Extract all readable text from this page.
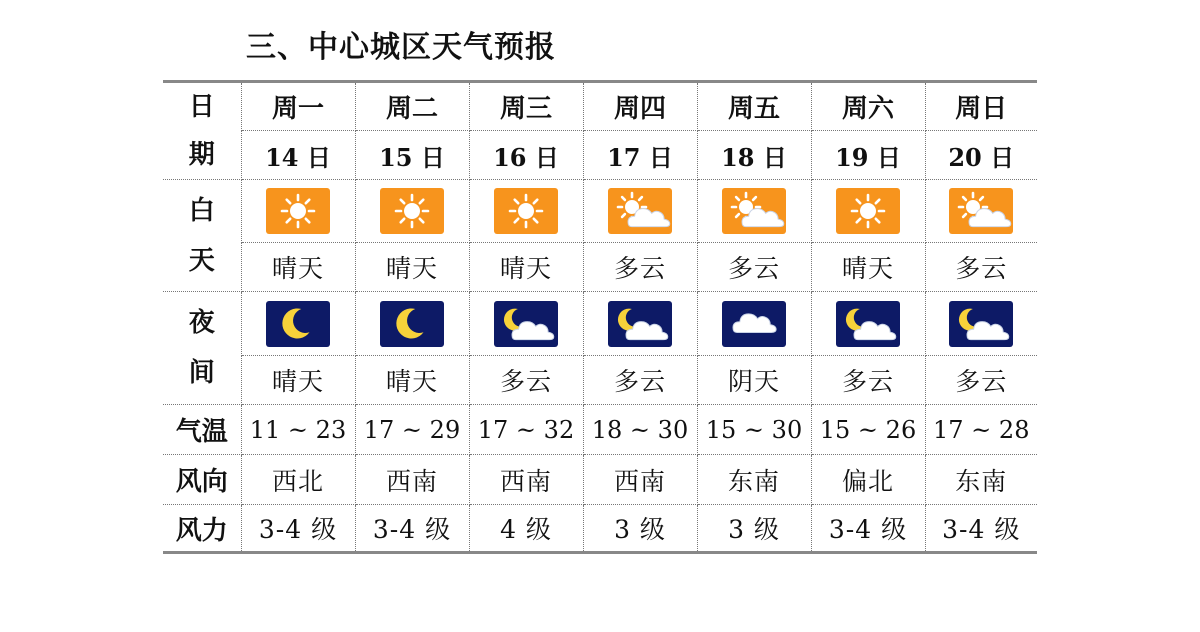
三、中心城区天气预报
日
期	周一	周二	周三	周四	周五	周六	周日
	14 日	15 日	16 日	17 日	18 日	19 日	20 日

白
天

	晴天	晴天	晴天	多云	多云	晴天	多云

夜
间

	晴天	晴天	多云	多云	阴天	多云	多云
气温	11 ~ 23	17 ~ 29	17 ~ 32	18 ~ 30	15 ~ 30	15 ~ 26	17 ~ 28
风向	西北	西南	西南	西南	东南	偏北	东南
风力	3-4 级	3-4 级	4 级	3 级	3 级	3-4 级	3-4 级
